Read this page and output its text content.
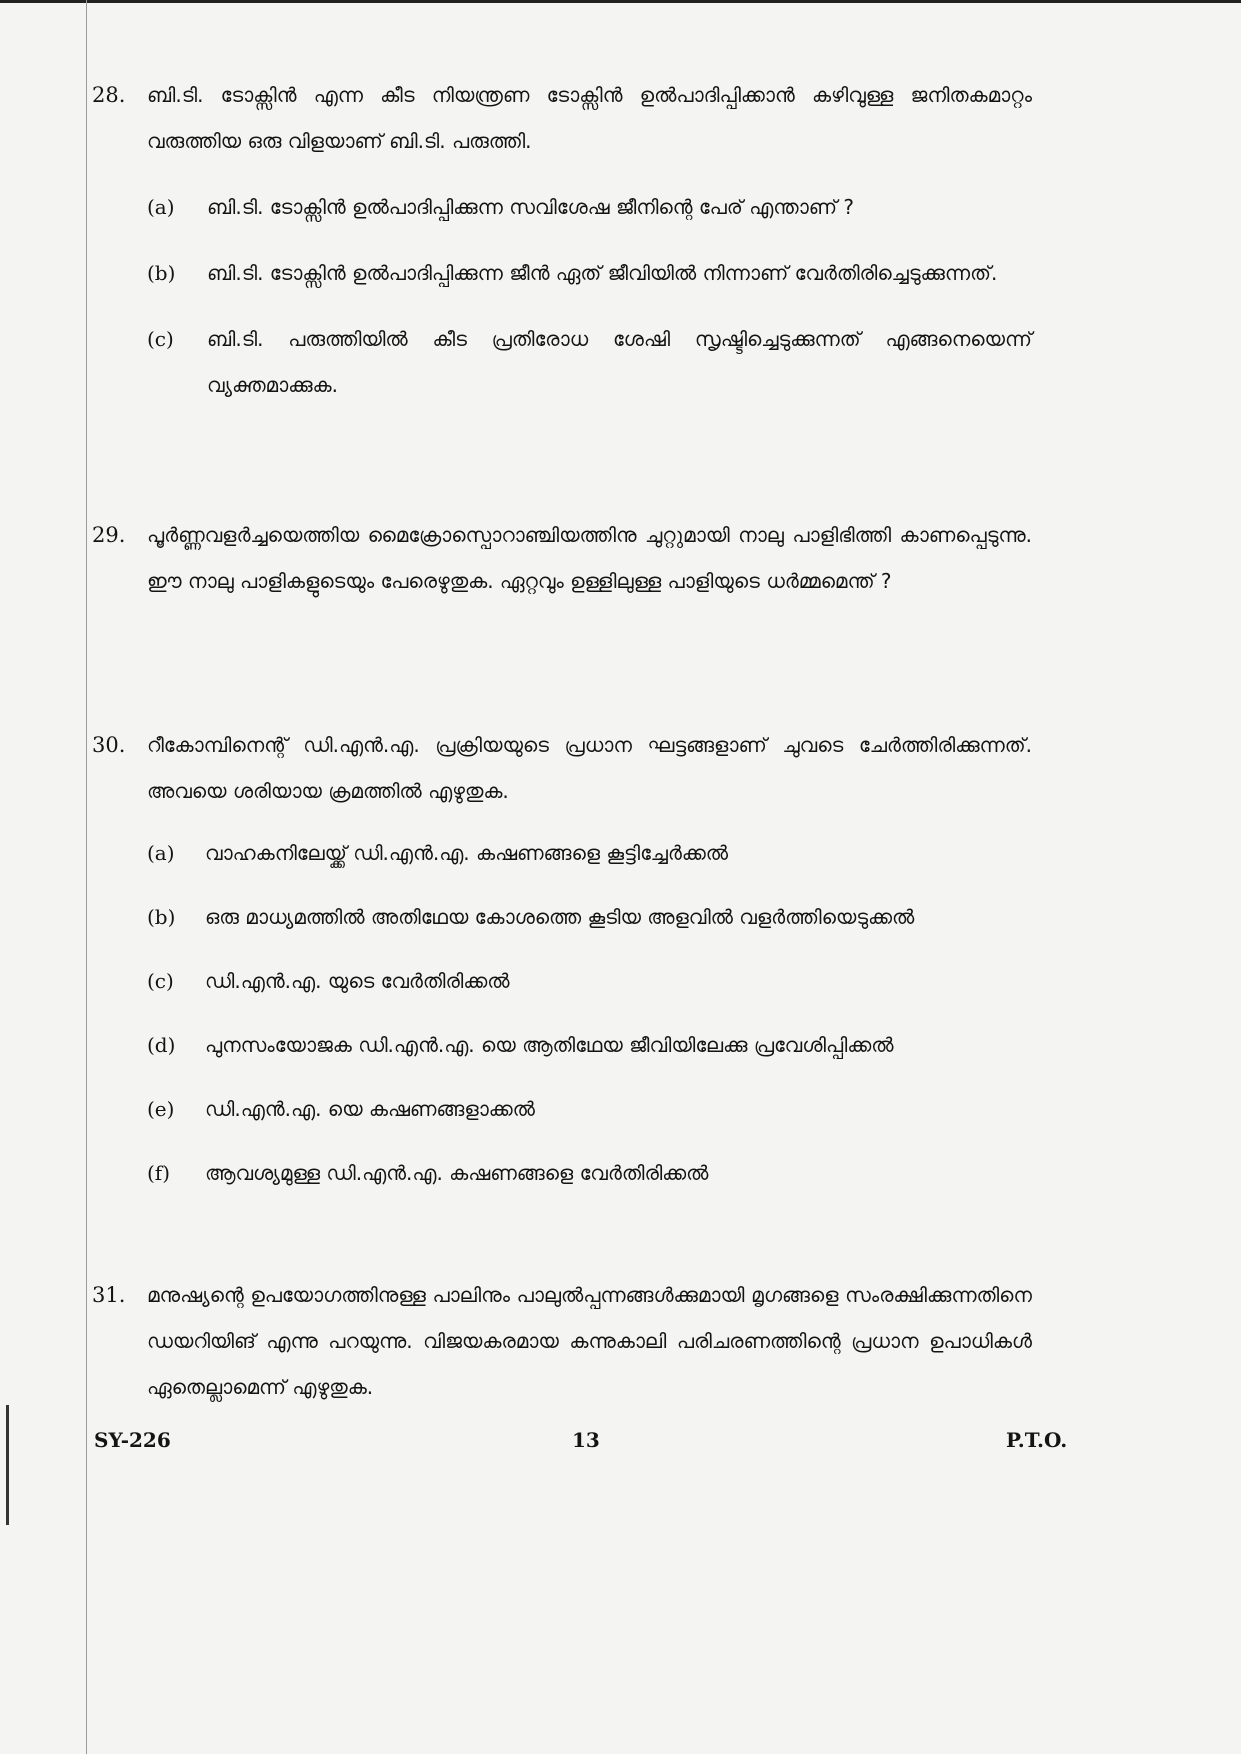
28. ബി.ടി. ടോക്സിൻ എന്ന കീട നിയന്ത്രണ ടോക്സിൻ ഉൽപാദിപ്പിക്കാൻ കഴിവുള്ള ജനിതകമാറ്റം വരുത്തിയ ഒരു വിളയാണ് ബി.ടി. പരുത്തി.
(a) ബി.ടി. ടോക്സിൻ ഉൽപാദിപ്പിക്കുന്ന സവിശേഷ ജീനിന്റെ പേര് എന്താണ് ?
(b) ബി.ടി. ടോക്സിൻ ഉൽപാദിപ്പിക്കുന്ന ജീൻ ഏത് ജീവിയിൽ നിന്നാണ് വേർതിരിച്ചെടുക്കുന്നത്.
(c) ബി.ടി. പരുത്തിയിൽ കീട പ്രതിരോധ ശേഷി സൃഷ്ടിച്ചെടുക്കുന്നത് എങ്ങനെയെന്ന് വ്യക്തമാക്കുക.
29. പൂർണ്ണവളർച്ചയെത്തിയ മൈക്രോസ്പൊറാഞ്ചിയത്തിനു ചുറ്റുമായി നാലു പാളിഭിത്തി കാണപ്പെടുന്നു. ഈ നാലു പാളികളുടെയും പേരെഴുതുക. ഏറ്റവും ഉള്ളിലുള്ള പാളിയുടെ ധർമ്മമെന്ത് ?
30. റീകോമ്പിനെന്റ് ഡി.എൻ.എ. പ്രക്രിയയുടെ പ്രധാന ഘട്ടങ്ങളാണ് ചുവടെ ചേർത്തിരിക്കുന്നത്. അവയെ ശരിയായ ക്രമത്തിൽ എഴുതുക.
(a) വാഹകനിലേയ്ക്ക് ഡി.എൻ.എ. കഷണങ്ങളെ കൂട്ടിച്ചേർക്കൽ
(b) ഒരു മാധ്യമത്തിൽ അതിഥേയ കോശത്തെ കൂടിയ അളവിൽ വളർത്തിയെടുക്കൽ
(c) ഡി.എൻ.എ. യുടെ വേർതിരിക്കൽ
(d) പുനസംയോജക ഡി.എൻ.എ. യെ ആതിഥേയ ജീവിയിലേക്കു പ്രവേശിപ്പിക്കൽ
(e) ഡി.എൻ.എ. യെ കഷണങ്ങളാക്കൽ
(f) ആവശ്യമുള്ള ഡി.എൻ.എ. കഷണങ്ങളെ വേർതിരിക്കൽ
31. മനുഷ്യന്റെ ഉപയോഗത്തിനുള്ള പാലിനും പാലുൽപ്പന്നങ്ങൾക്കുമായി മൃഗങ്ങളെ സംരക്ഷിക്കുന്നതിനെ ഡയറിയിങ് എന്നു പറയുന്നു. വിജയകരമായ കന്നുകാലി പരിചരണത്തിന്റെ പ്രധാന ഉപാധികൾ ഏതെല്ലാമെന്ന് എഴുതുക.
SY-226	13	P.T.O.
